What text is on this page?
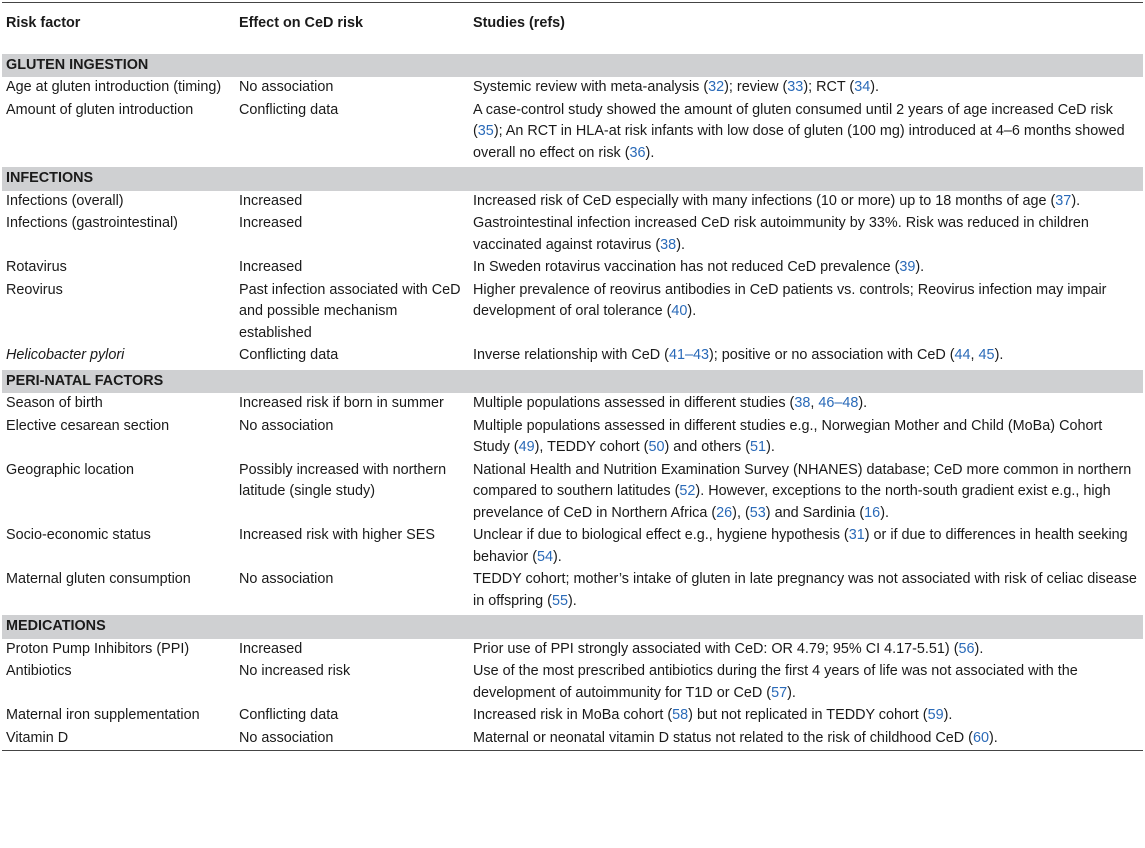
Risk factor	Effect on CeD risk	Studies (refs)
GLUTEN INGESTION		
Age at gluten introduction (timing)	No association	Systemic review with meta-analysis (32); review (33); RCT (34).
Amount of gluten introduction	Conflicting data	A case-control study showed the amount of gluten consumed until 2 years of age increased CeD risk (35); An RCT in HLA-at risk infants with low dose of gluten (100 mg) introduced at 4–6 months showed overall no effect on risk (36).
INFECTIONS		
Infections (overall)	Increased	Increased risk of CeD especially with many infections (10 or more) up to 18 months of age (37).
Infections (gastrointestinal)	Increased	Gastrointestinal infection increased CeD risk autoimmunity by 33%. Risk was reduced in children vaccinated against rotavirus (38).
Rotavirus	Increased	In Sweden rotavirus vaccination has not reduced CeD prevalence (39).
Reovirus	Past infection associated with CeD and possible mechanism established	Higher prevalence of reovirus antibodies in CeD patients vs. controls; Reovirus infection may impair development of oral tolerance (40).
Helicobacter pylori	Conflicting data	Inverse relationship with CeD (41–43); positive or no association with CeD (44, 45).
PERI-NATAL FACTORS		
Season of birth	Increased risk if born in summer	Multiple populations assessed in different studies (38, 46–48).
Elective cesarean section	No association	Multiple populations assessed in different studies e.g., Norwegian Mother and Child (MoBa) Cohort Study (49), TEDDY cohort (50) and others (51).
Geographic location	Possibly increased with northern latitude (single study)	National Health and Nutrition Examination Survey (NHANES) database; CeD more common in northern compared to southern latitudes (52). However, exceptions to the north-south gradient exist e.g., high prevelance of CeD in Northern Africa (26), (53) and Sardinia (16).
Socio-economic status	Increased risk with higher SES	Unclear if due to biological effect e.g., hygiene hypothesis (31) or if due to differences in health seeking behavior (54).
Maternal gluten consumption	No association	TEDDY cohort; mother’s intake of gluten in late pregnancy was not associated with risk of celiac disease in offspring (55).
MEDICATIONS		
Proton Pump Inhibitors (PPI)	Increased	Prior use of PPI strongly associated with CeD: OR 4.79; 95% CI 4.17-5.51) (56).
Antibiotics	No increased risk	Use of the most prescribed antibiotics during the first 4 years of life was not associated with the development of autoimmunity for T1D or CeD (57).
Maternal iron supplementation	Conflicting data	Increased risk in MoBa cohort (58) but not replicated in TEDDY cohort (59).
Vitamin D	No association	Maternal or neonatal vitamin D status not related to the risk of childhood CeD (60).
